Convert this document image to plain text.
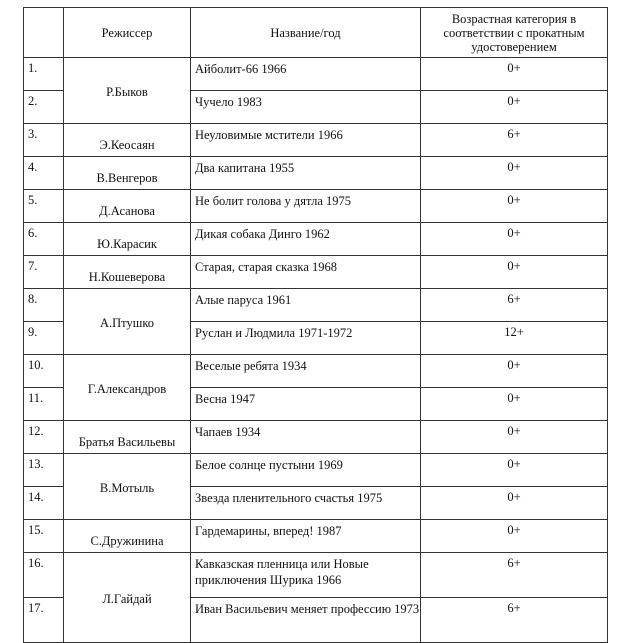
	Режиссер	Название/год	Возрастная категория в соответствии с прокатным удостоверением
1.	Р.Быков	Айболит-66 1966	0+
2.		Чучело 1983	0+
3.	Э.Кеосаян	Неуловимые мстители 1966	6+
4.	В.Венгеров	Два капитана 1955	0+
5.	Д.Асанова	Не болит голова у дятла 1975	0+
6.	Ю.Карасик	Дикая собака Динго 1962	0+
7.	Н.Кошеверова	Старая, старая сказка 1968	0+
8.	А.Птушко	Алые паруса 1961	6+
9.		Руслан и Людмила 1971-1972	12+
10.	Г.Александров	Веселые ребята 1934	0+
11.		Весна 1947	0+
12.	Братья Васильевы	Чапаев 1934	0+
13.	В.Мотыль	Белое солнце пустыни 1969	0+
14.		Звезда пленительного счастья 1975	0+
15.	С.Дружинина	Гардемарины, вперед! 1987	0+
16.	Л.Гайдай	Кавказская пленница или Новые приключения Шурика 1966	6+
17.		Иван Васильевич меняет профессию 1973	6+
